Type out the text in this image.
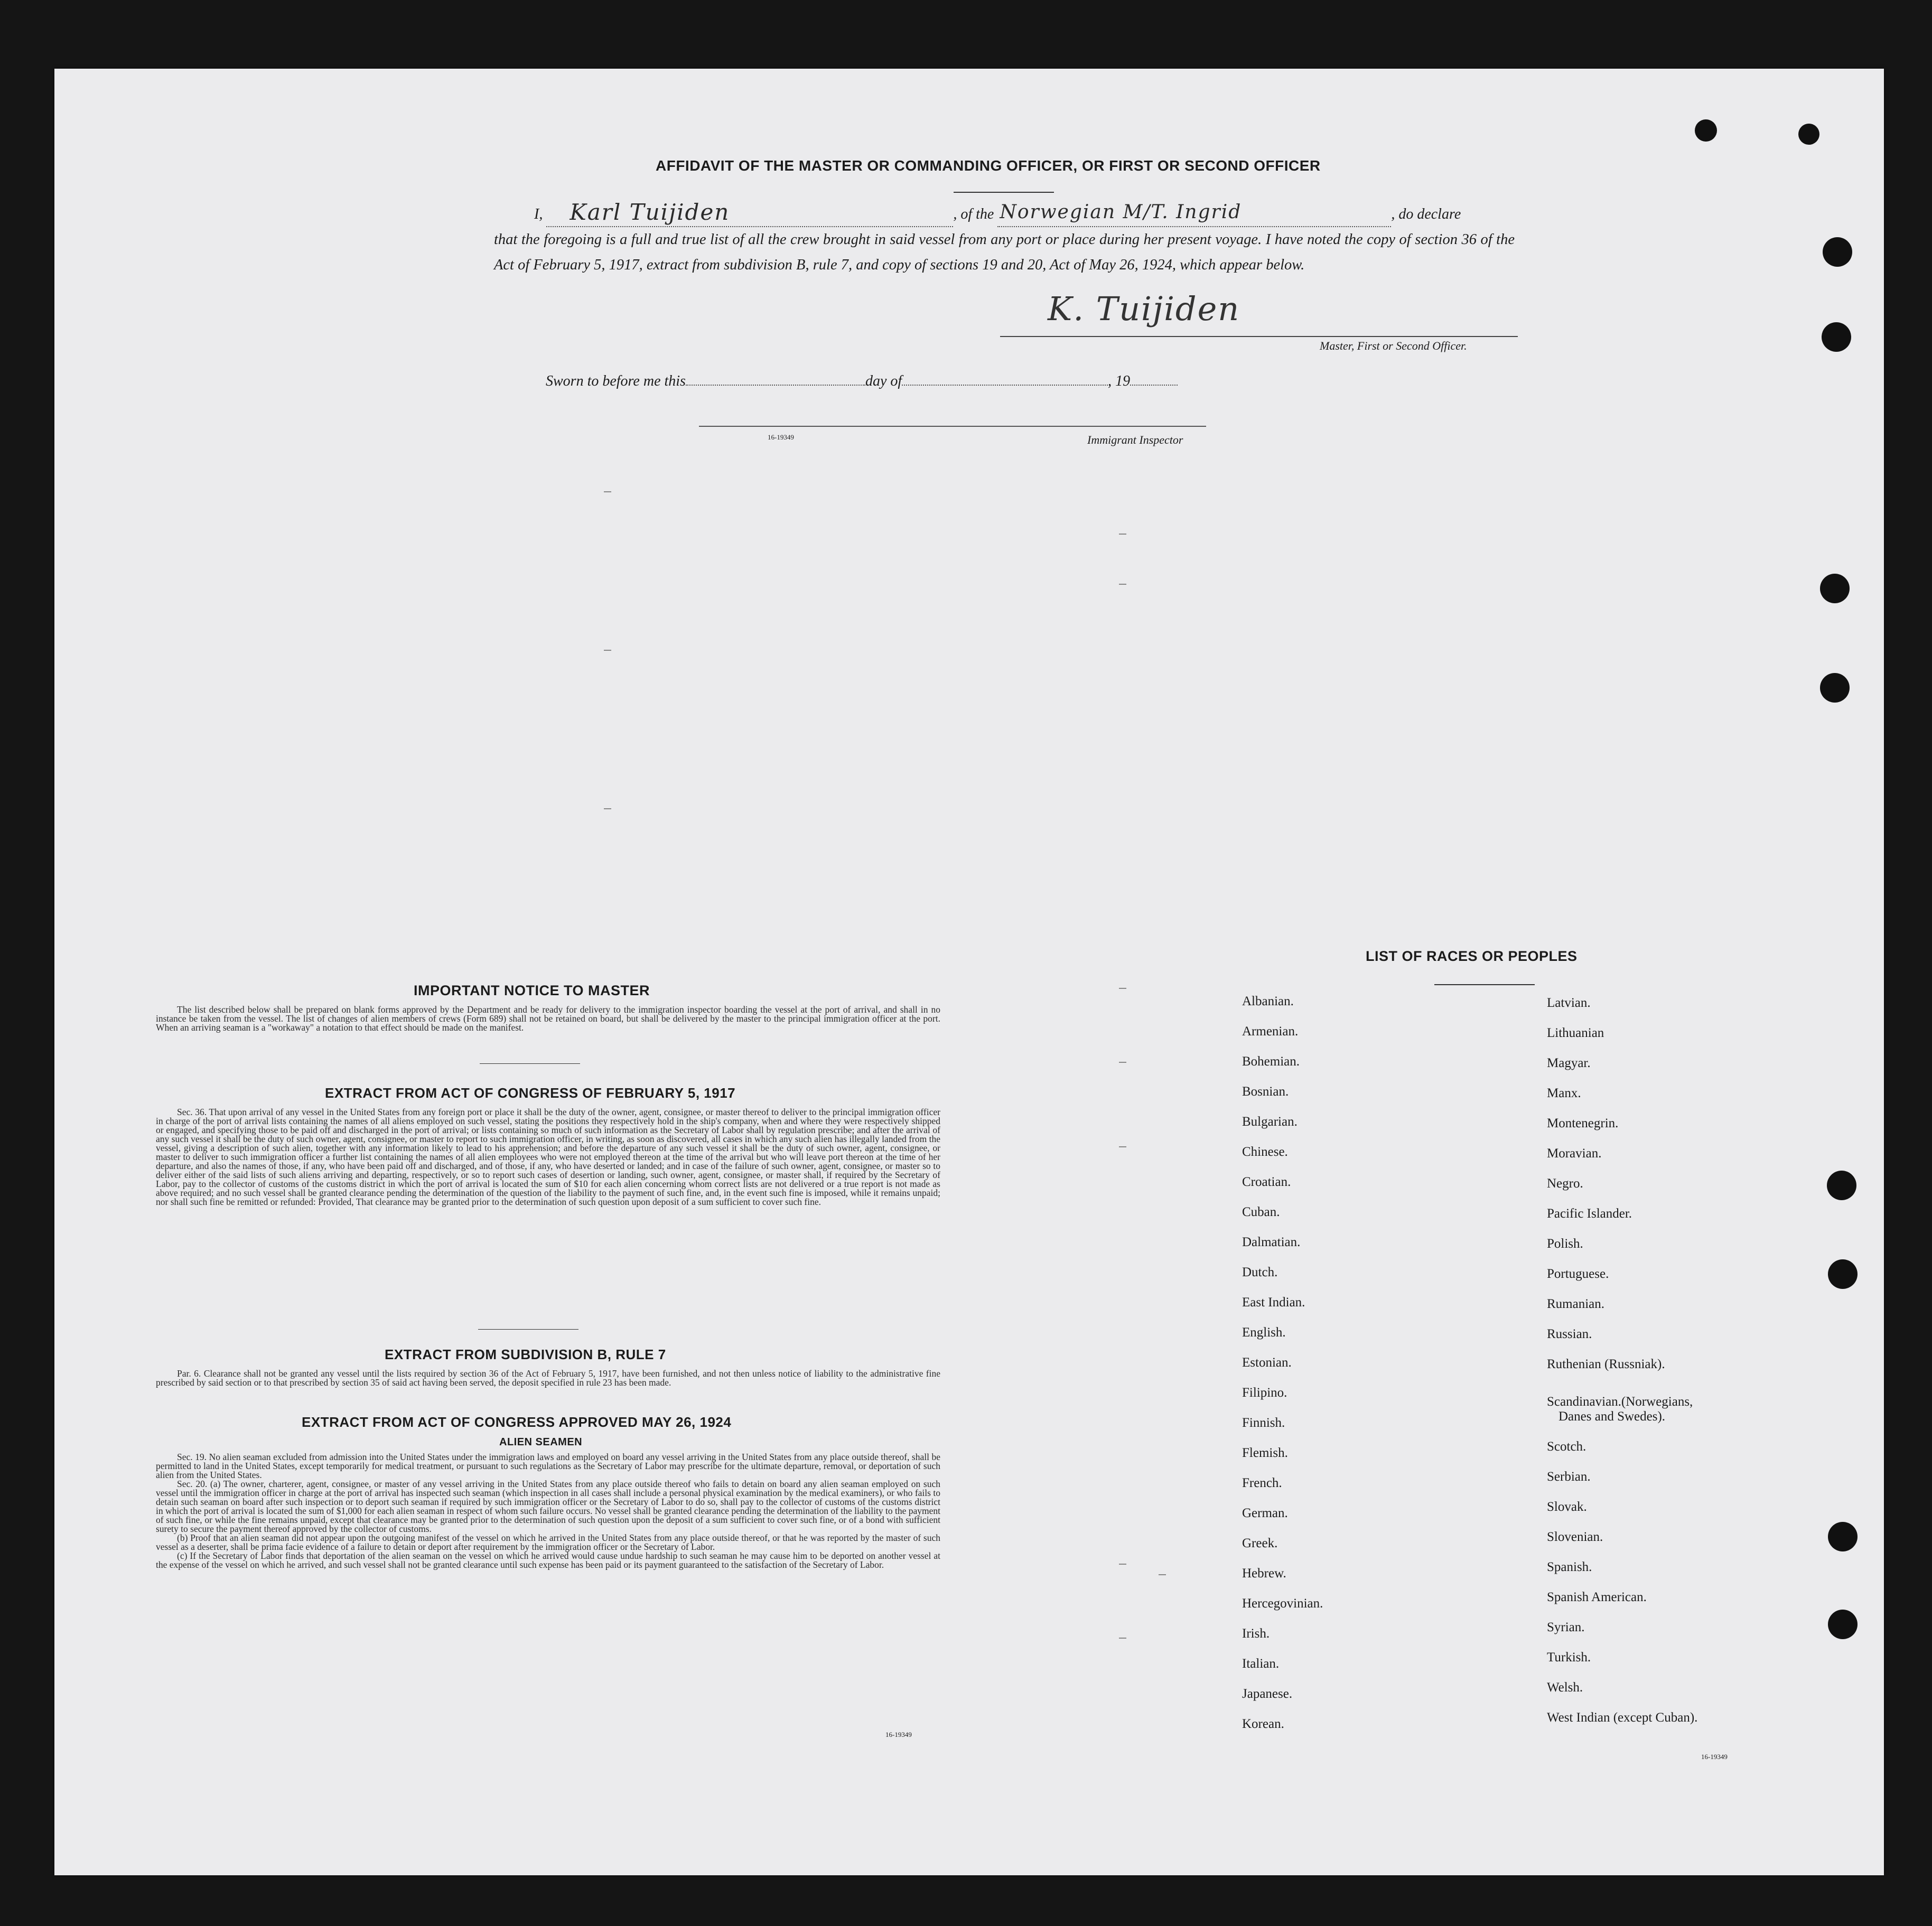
AFFIDAVIT OF THE MASTER OR COMMANDING OFFICER, OR FIRST OR SECOND OFFICER
I, Karl Tuijiden	, of the Norwegian M/T. Ingrid	, do declare
that the foregoing is a full and true list of all the crew brought in said vessel from any port or place during her present voyage. I have noted the copy of section 36 of the Act of February 5, 1917, extract from subdivision B, rule 7, and copy of sections 19 and 20, Act of May 26, 1924, which appear below.
K. Tuijiden
Master, First or Second Officer.
Sworn to before me this	day of	, 19
16-19349	Immigrant Inspector
IMPORTANT NOTICE TO MASTER

The list described below shall be prepared on blank forms approved by the Department and be ready for delivery to the immigration inspector boarding the vessel at the port of arrival, and shall in no instance be taken from the vessel. The list of changes of alien members of crews (Form 689) shall not be retained on board, but shall be delivered by the master to the principal immigration officer at the port. When an arriving seaman is a "workaway" a notation to that effect should be made on the manifest.

EXTRACT FROM ACT OF CONGRESS OF FEBRUARY 5, 1917

Sec. 36. That upon arrival of any vessel in the United States from any foreign port or place it shall be the duty of the owner, agent, consignee, or master thereof to deliver to the principal immigration officer in charge of the port of arrival lists containing the names of all aliens employed on such vessel, stating the positions they respectively hold in the ship's company, when and where they were respectively shipped or engaged, and specifying those to be paid off and discharged in the port of arrival; or lists containing so much of such information as the Secretary of Labor shall by regulation prescribe; and after the arrival of any such vessel it shall be the duty of such owner, agent, consignee, or master to report to such immigration officer, in writing, as soon as discovered, all cases in which any such alien has illegally landed from the vessel, giving a description of such alien, together with any information likely to lead to his apprehension; and before the departure of any such vessel it shall be the duty of such owner, agent, consignee, or master to deliver to such immigration officer a further list containing the names of all alien employees who were not employed thereon at the time of the arrival but who will leave port thereon at the time of her departure, and also the names of those, if any, who have been paid off and discharged, and of those, if any, who have deserted or landed; and in case of the failure of such owner, agent, consignee, or master so to deliver either of the said lists of such aliens arriving and departing, respectively, or so to report such cases of desertion or landing, such owner, agent, consignee, or master shall, if required by the Secretary of Labor, pay to the collector of customs of the customs district in which the port of arrival is located the sum of $10 for each alien concerning whom correct lists are not delivered or a true report is not made as above required; and no such vessel shall be granted clearance pending the determination of the question of the liability to the payment of such fine, and, in the event such fine is imposed, while it remains unpaid; nor shall such fine be remitted or refunded: Provided, That clearance may be granted prior to the determination of such question upon deposit of a sum sufficient to cover such fine.

EXTRACT FROM SUBDIVISION B, RULE 7

Par. 6. Clearance shall not be granted any vessel until the lists required by section 36 of the Act of February 5, 1917, have been furnished, and not then unless notice of liability to the administrative fine prescribed by said section or to that prescribed by section 35 of said act having been served, the deposit specified in rule 23 has been made.

EXTRACT FROM ACT OF CONGRESS APPROVED MAY 26, 1924
ALIEN SEAMEN

Sec. 19. No alien seaman excluded from admission into the United States under the immigration laws and employed on board any vessel arriving in the United States from any place outside thereof, shall be permitted to land in the United States, except temporarily for medical treatment, or pursuant to such regulations as the Secretary of Labor may prescribe for the ultimate departure, removal, or deportation of such alien from the United States.

Sec. 20. (a) The owner, charterer, agent, consignee, or master of any vessel arriving in the United States from any place outside thereof who fails to detain on board any alien seaman employed on such vessel until the immigration officer in charge at the port of arrival has inspected such seaman (which inspection in all cases shall include a personal physical examination by the medical examiners), or who fails to detain such seaman on board after such inspection or to deport such seaman if required by such immigration officer or the Secretary of Labor to do so, shall pay to the collector of customs of the customs district in which the port of arrival is located the sum of $1,000 for each alien seaman in respect of whom such failure occurs. No vessel shall be granted clearance pending the determination of the liability to the payment of such fine, or while the fine remains unpaid, except that clearance may be granted prior to the determination of such question upon the deposit of a sum sufficient to cover such fine, or of a bond with sufficient surety to secure the payment thereof approved by the collector of customs.

(b) Proof that an alien seaman did not appear upon the outgoing manifest of the vessel on which he arrived in the United States from any place outside thereof, or that he was reported by the master of such vessel as a deserter, shall be prima facie evidence of a failure to detain or deport after requirement by the immigration officer or the Secretary of Labor.

(c) If the Secretary of Labor finds that deportation of the alien seaman on the vessel on which he arrived would cause undue hardship to such seaman he may cause him to be deported on another vessel at the expense of the vessel on which he arrived, and such vessel shall not be granted clearance until such expense has been paid or its payment guaranteed to the satisfaction of the Secretary of Labor.

16-19349
LIST OF RACES OR PEOPLES
Albanian.
Armenian.
Bohemian.
Bosnian.
Bulgarian.
Chinese.
Croatian.
Cuban.
Dalmatian.
Dutch.
East Indian.
English.
Estonian.
Filipino.
Finnish.
Flemish.
French.
German.
Greek.
Hebrew.
Hercegovinian.
Irish.
Italian.
Japanese.
Korean.
Latvian.
Lithuanian
Magyar.
Manx.
Montenegrin.
Moravian.
Negro.
Pacific Islander.
Polish.
Portuguese.
Rumanian.
Russian.
Ruthenian (Russniak).
Scandinavian.(Norwegians,
Danes and Swedes).
Scotch.
Serbian.
Slovak.
Slovenian.
Spanish.
Spanish American.
Syrian.
Turkish.
Welsh.
West Indian (except Cuban).
16-19349
